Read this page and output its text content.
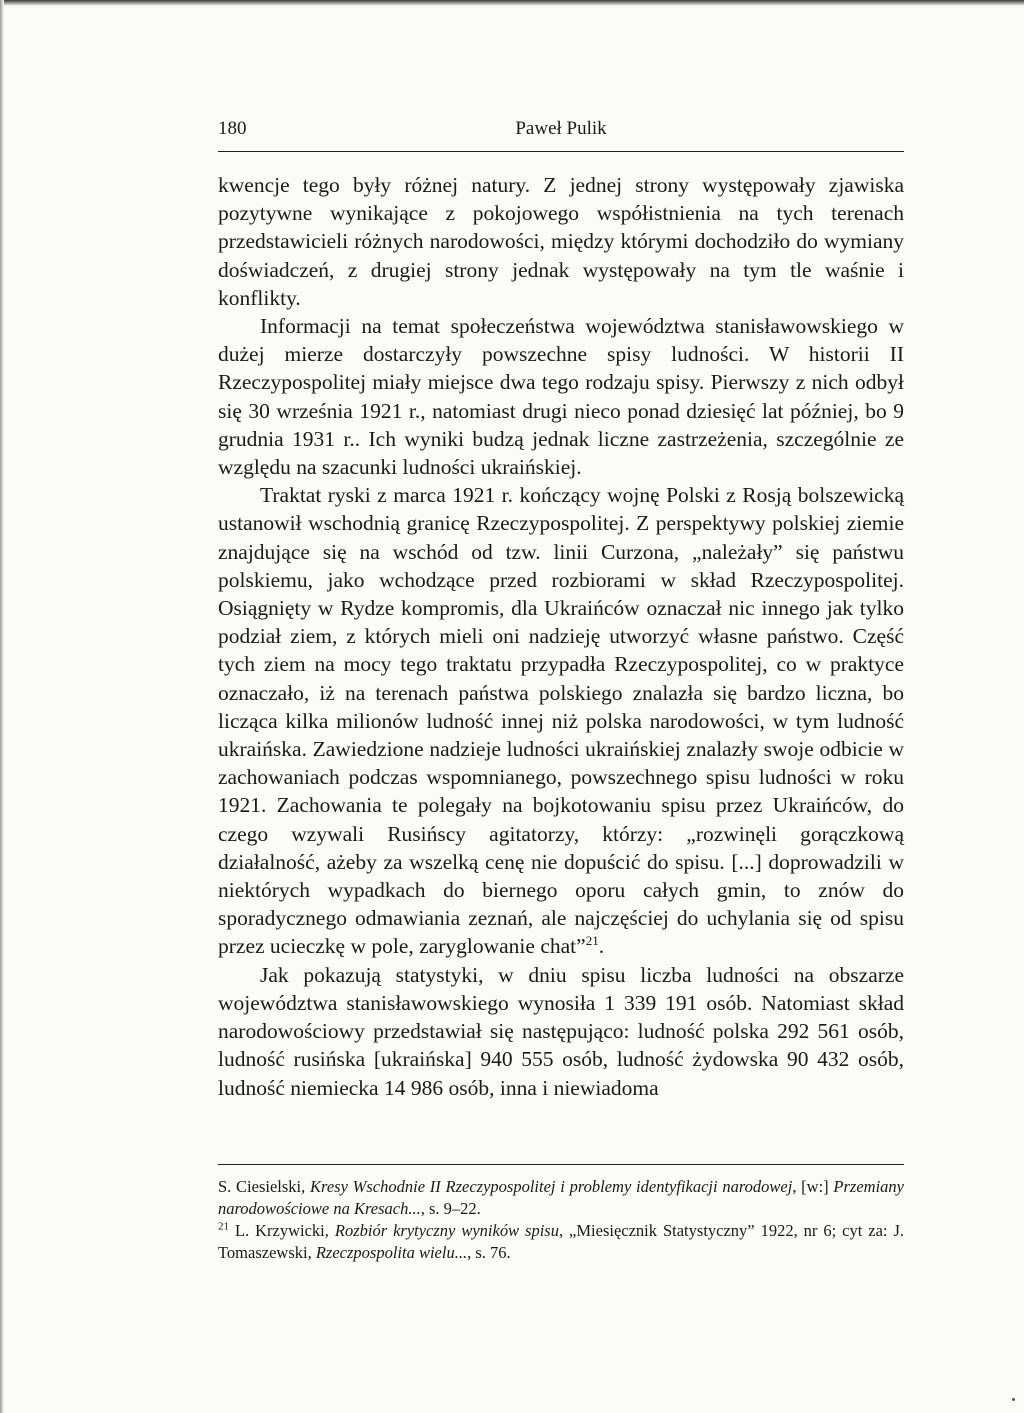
180	Paweł Pulik

kwencje tego były różnej natury. Z jednej strony występowały zjawiska pozytywne wynikające z pokojowego współistnienia na tych terenach przedstawicieli różnych narodowości, między którymi dochodziło do wymiany doświadczeń, z drugiej strony jednak występowały na tym tle waśnie i konflikty.

Informacji na temat społeczeństwa województwa stanisławowskiego w dużej mierze dostarczyły powszechne spisy ludności. W historii II Rzeczypospolitej miały miejsce dwa tego rodzaju spisy. Pierwszy z nich odbył się 30 września 1921 r., natomiast drugi nieco ponad dziesięć lat później, bo 9 grudnia 1931 r.. Ich wyniki budzą jednak liczne zastrzeżenia, szczególnie ze względu na szacunki ludności ukraińskiej.

Traktat ryski z marca 1921 r. kończący wojnę Polski z Rosją bolszewicką ustanowił wschodnią granicę Rzeczypospolitej. Z perspektywy polskiej ziemie znajdujące się na wschód od tzw. linii Curzona, „należały” się państwu polskiemu, jako wchodzące przed rozbiorami w skład Rzeczypospolitej. Osiągnięty w Rydze kompromis, dla Ukraińców oznaczał nic innego jak tylko podział ziem, z których mieli oni nadzieję utworzyć własne państwo. Część tych ziem na mocy tego traktatu przypadła Rzeczypospolitej, co w praktyce oznaczało, iż na terenach państwa polskiego znalazła się bardzo liczna, bo licząca kilka milionów ludność innej niż polska narodowości, w tym ludność ukraińska. Zawiedzione nadzieje ludności ukraińskiej znalazły swoje odbicie w zachowaniach podczas wspomnianego, powszechnego spisu ludności w roku 1921. Zachowania te polegały na bojkotowaniu spisu przez Ukraińców, do czego wzywali Rusińscy agitatorzy, którzy: „rozwinęli gorączkową działalność, ażeby za wszelką cenę nie dopuścić do spisu. [...] doprowadzili w niektórych wypadkach do biernego oporu całych gmin, to znów do sporadycznego odmawiania zeznań, ale najczęściej do uchylania się od spisu przez ucieczkę w pole, zaryglowanie chat”$^{21}$.

Jak pokazują statystyki, w dniu spisu liczba ludności na obszarze województwa stanisławowskiego wynosiła 1 339 191 osób. Natomiast skład narodowościowy przedstawiał się następująco: ludność polska 292 561 osób, ludność rusińska [ukraińska] 940 555 osób, ludność żydowska 90 432 osób, ludność niemiecka 14 986 osób, inna i niewiadoma

S. Ciesielski, Kresy Wschodnie II Rzeczypospolitej i problemy identyfikacji narodowej, [w:] Przemiany narodowościowe na Kresach..., s. 9–22.

$^{21}$ L. Krzywicki, Rozbiór krytyczny wyników spisu, „Miesięcznik Statystyczny” 1922, nr 6; cyt za: J. Tomaszewski, Rzeczpospolita wielu..., s. 76.
